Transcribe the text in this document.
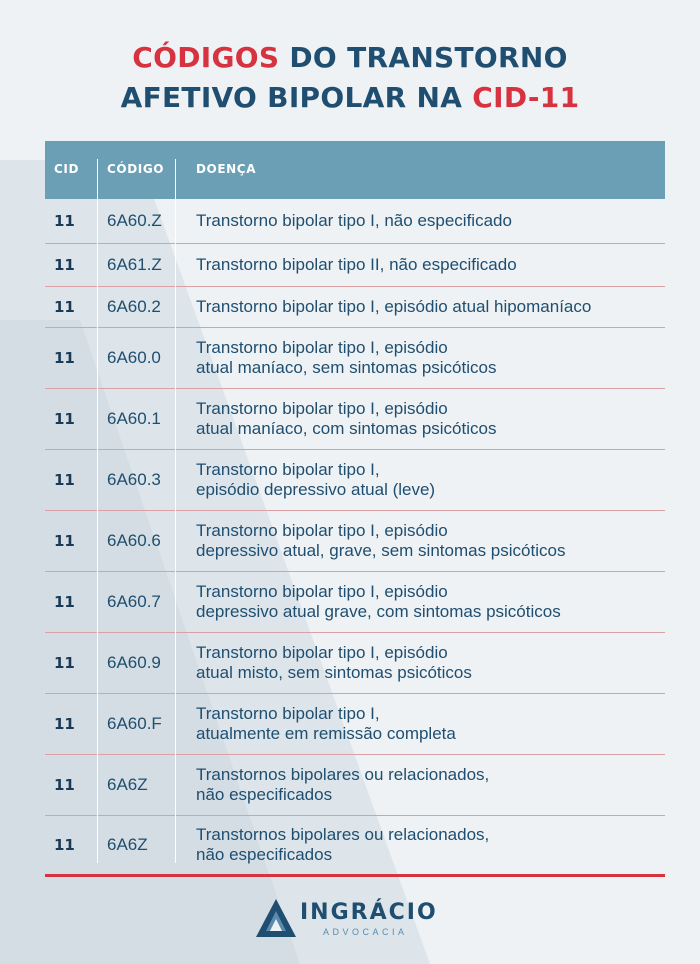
CÓDIGOS DO TRANSTORNO
AFETIVO BIPOLAR NA CID-11
CID CÓDIGO	DOENÇA
11 6A60.Z Transtorno bipolar tipo I, não especificado
11 6A61.Z Transtorno bipolar tipo II, não especificado
11 6A60.2 Transtorno bipolar tipo I, episódio atual hipomaníaco
11 6A60.0
Transtorno bipolar tipo I, episódio
atual maníaco, sem sintomas psicóticos
11 6A60.1
Transtorno bipolar tipo I, episódio
atual maníaco, com sintomas psicóticos
11 6A60.3
Transtorno bipolar tipo I,
episódio depressivo atual (leve)
11 6A60.6
Transtorno bipolar tipo I, episódio
depressivo atual, grave, sem sintomas psicóticos
11 6A60.7
Transtorno bipolar tipo I, episódio
depressivo atual grave, com sintomas psicóticos
11 6A60.9
Transtorno bipolar tipo I, episódio
atual misto, sem sintomas psicóticos
11 6A60.F
Transtorno bipolar tipo I,
atualmente em remissão completa
11 6A6Z
Transtornos bipolares ou relacionados,
não especificados
11 6A6Z
Transtornos bipolares ou relacionados,
não especificados
INGRÁCIO
ADVOCACIA
